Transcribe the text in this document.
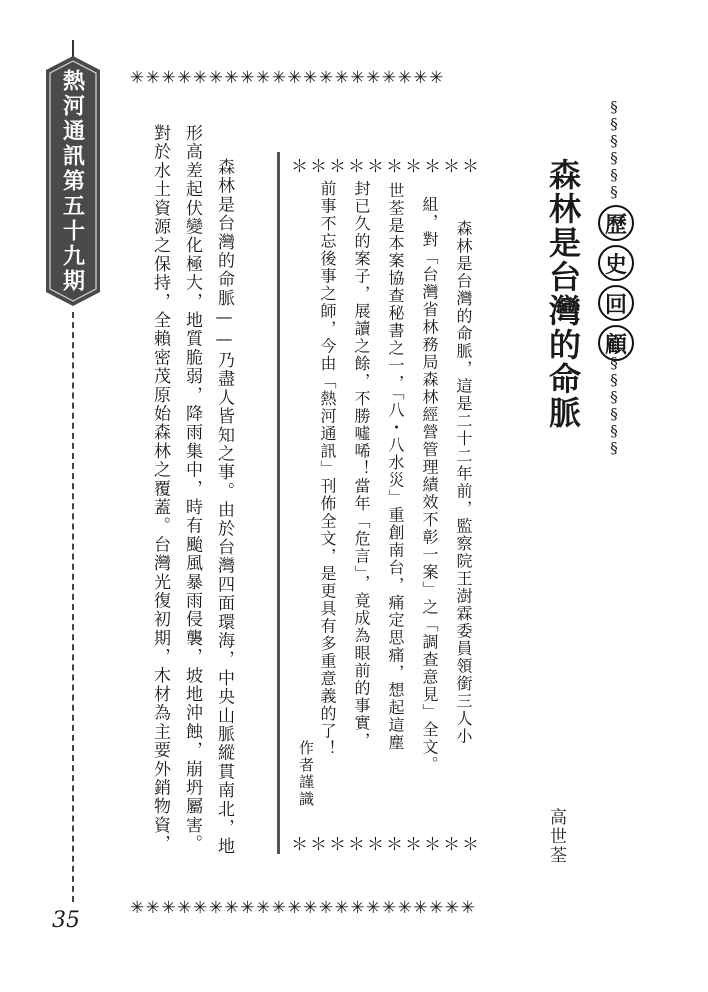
熱河通訊第五十九期
35
✳✳✳✳✳✳✳✳✳✳✳✳✳✳✳✳✳✳✳✳
✳✳✳✳✳✳✳✳✳✳✳✳✳✳✳✳✳✳✳✳✳✳
§§§§§§
歷
史
回
顧
§§§§§§
森林是台灣的命脈
高世荃
＊＊＊＊＊＊＊＊＊＊
＊＊＊＊＊＊＊＊＊＊
森林是台灣的命脈，這是二十二年前，監察院王澍霖委員領銜三人小
組，對「台灣省林務局森林經營管理績效不彰一案」之「調查意見」全文。
世荃是本案協查秘書之一，「八・八水災」重創南台，痛定思痛，想起這塵
封已久的案子，展讀之餘，不勝噓唏！當年「危言」，竟成為眼前的事實，
前事不忘後事之師，今由「熱河通訊」刊佈全文，是更具有多重意義的了！
作者謹識
森林是台灣的命脈——乃盡人皆知之事。由於台灣四面環海，中央山脈縱貫南北，地
形高差起伏變化極大，地質脆弱，降雨集中，時有颱風暴雨侵襲，坡地沖蝕，崩坍屬害。
對於水土資源之保持，全賴密茂原始森林之覆蓋。台灣光復初期，木材為主要外銷物資，
